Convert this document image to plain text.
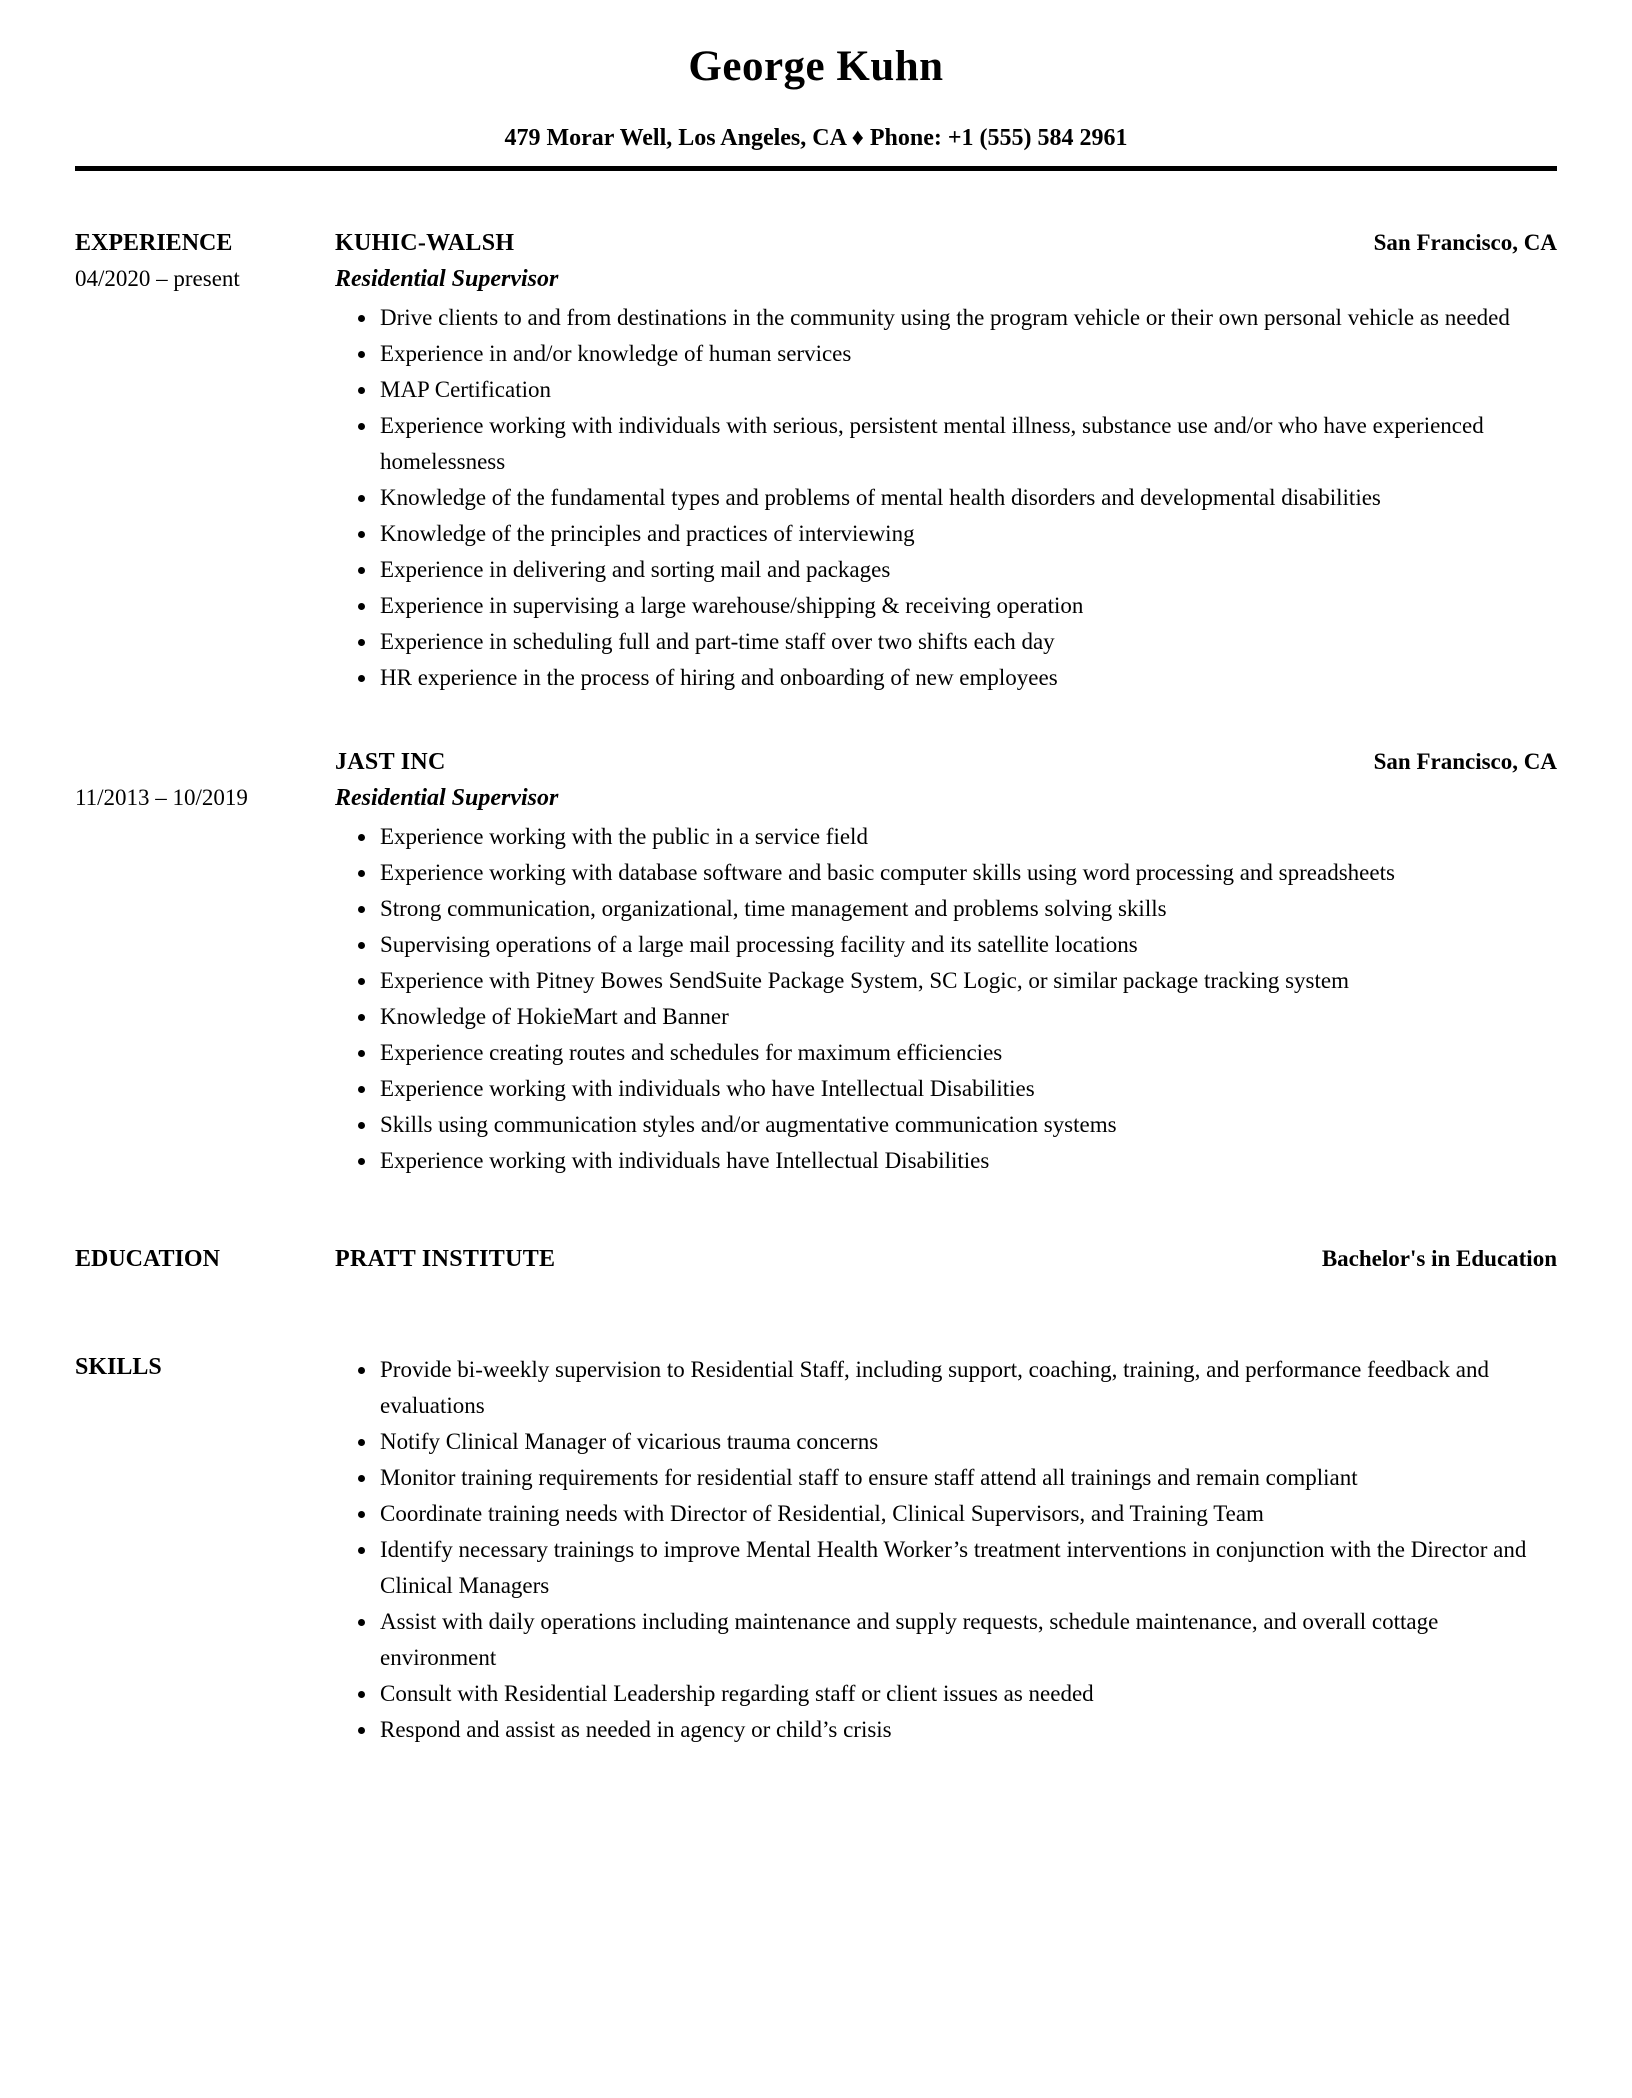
George Kuhn
479 Morar Well, Los Angeles, CA ♦ Phone: +1 (555) 584 2961
EXPERIENCE
04/2020 – present
KUHIC-WALSH	San Francisco, CA
Residential Supervisor
• Drive clients to and from destinations in the community using the program vehicle or their own personal vehicle as needed
• Experience in and/or knowledge of human services
• MAP Certification
• Experience working with individuals with serious, persistent mental illness, substance use and/or who have experienced homelessness
• Knowledge of the fundamental types and problems of mental health disorders and developmental disabilities
• Knowledge of the principles and practices of interviewing
• Experience in delivering and sorting mail and packages
• Experience in supervising a large warehouse/shipping & receiving operation
• Experience in scheduling full and part-time staff over two shifts each day
• HR experience in the process of hiring and onboarding of new employees
11/2013 – 10/2019
JAST INC	San Francisco, CA
Residential Supervisor
• Experience working with the public in a service field
• Experience working with database software and basic computer skills using word processing and spreadsheets
• Strong communication, organizational, time management and problems solving skills
• Supervising operations of a large mail processing facility and its satellite locations
• Experience with Pitney Bowes SendSuite Package System, SC Logic, or similar package tracking system
• Knowledge of HokieMart and Banner
• Experience creating routes and schedules for maximum efficiencies
• Experience working with individuals who have Intellectual Disabilities
• Skills using communication styles and/or augmentative communication systems
• Experience working with individuals have Intellectual Disabilities
EDUCATION	PRATT INSTITUTE	Bachelor's in Education
SKILLS	• Provide bi-weekly supervision to Residential Staff, including support, coaching, training, and performance feedback and evaluations
• Notify Clinical Manager of vicarious trauma concerns
• Monitor training requirements for residential staff to ensure staff attend all trainings and remain compliant
• Coordinate training needs with Director of Residential, Clinical Supervisors, and Training Team
• Identify necessary trainings to improve Mental Health Worker’s treatment interventions in conjunction with the Director and Clinical Managers
• Assist with daily operations including maintenance and supply requests, schedule maintenance, and overall cottage environment
• Consult with Residential Leadership regarding staff or client issues as needed
• Respond and assist as needed in agency or child’s crisis
